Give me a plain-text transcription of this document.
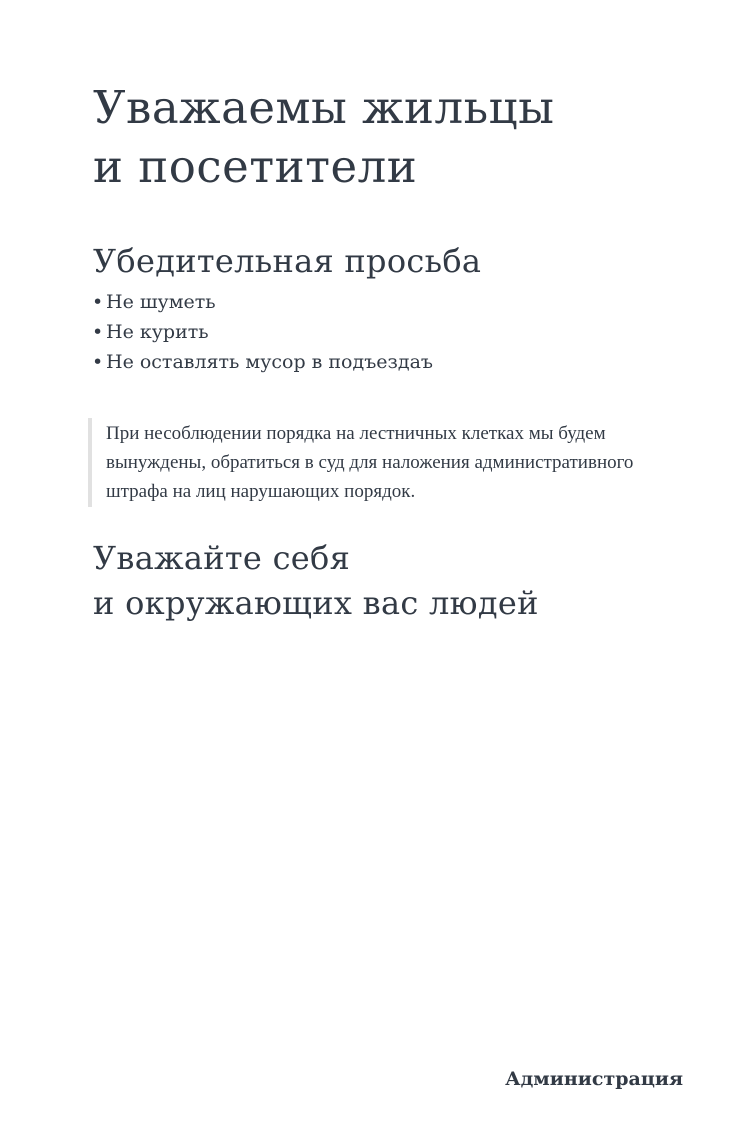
Уважаемы жильцы
и посетители
Убедительная просьба
• Не шуметь
• Не курить
• Не оставлять мусор в подъездаъ

При несоблюдении порядка на лестничных клетках мы будем вынуждены, обратиться в суд для наложения административного штрафа на лиц нарушающих порядок.

Уважайте себя
и окружающих вас людей
Администрация
